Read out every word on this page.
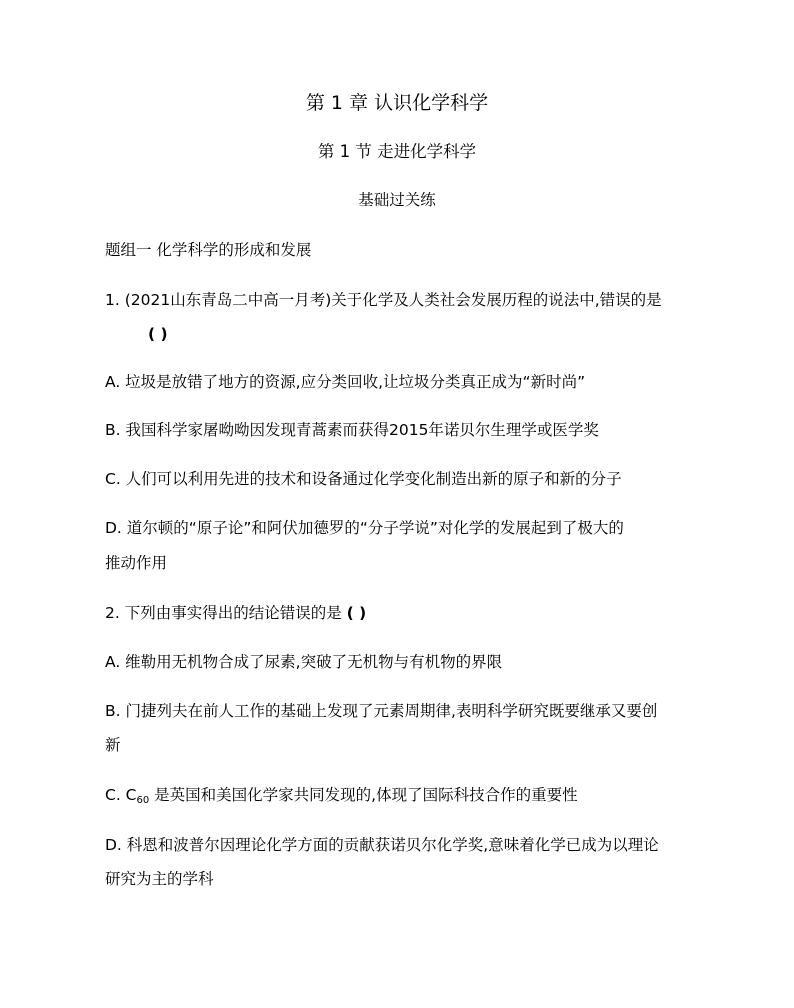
第 1 章 认识化学科学
第 1 节 走进化学科学
基础过关练
题组一 化学科学的形成和发展
1. (2021山东青岛二中高一月考)关于化学及人类社会发展历程的说法中,错误的是
( )
A. 垃圾是放错了地方的资源,应分类回收,让垃圾分类真正成为“新时尚”
B. 我国科学家屠呦呦因发现青蒿素而获得2015年诺贝尔生理学或医学奖
C. 人们可以利用先进的技术和设备通过化学变化制造出新的原子和新的分子
D. 道尔顿的“原子论”和阿伏加德罗的“分子学说”对化学的发展起到了极大的
推动作用
2. 下列由事实得出的结论错误的是 ( )
A. 维勒用无机物合成了尿素,突破了无机物与有机物的界限
B. 门捷列夫在前人工作的基础上发现了元素周期律,表明科学研究既要继承又要创
新
C. $C_{60}$ 是英国和美国化学家共同发现的,体现了国际科技合作的重要性
D. 科恩和波普尔因理论化学方面的贡献获诺贝尔化学奖,意味着化学已成为以理论
研究为主的学科
